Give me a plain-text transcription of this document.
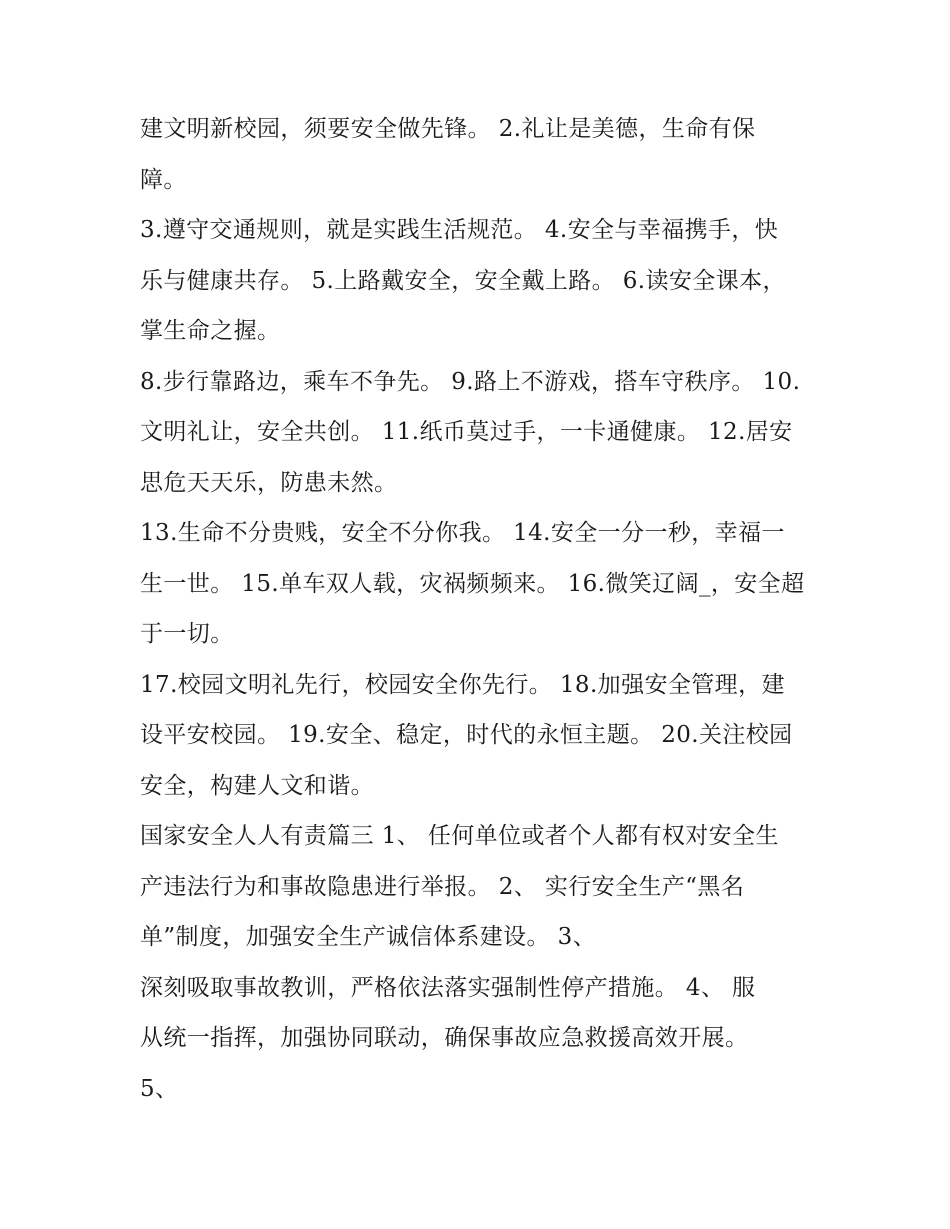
建文明新校园，须要安全做先锋。 2.礼让是美德，生命有保
障。
3.遵守交通规则，就是实践生活规范。 4.安全与幸福携手，快
乐与健康共存。 5.上路戴安全，安全戴上路。 6.读安全课本，
掌生命之握。
8.步行靠路边，乘车不争先。 9.路上不游戏，搭车守秩序。 10.
文明礼让，安全共创。 11.纸币莫过手，一卡通健康。 12.居安
思危天天乐，防患未然。
13.生命不分贵贱，安全不分你我。 14.安全一分一秒，幸福一
生一世。 15.单车双人载，灾祸频频来。 16.微笑辽阔_，安全超
于一切。
17.校园文明礼先行，校园安全你先行。 18.加强安全管理，建
设平安校园。 19.安全、稳定，时代的永恒主题。 20.关注校园
安全，构建人文和谐。
国家安全人人有责篇三 1、 任何单位或者个人都有权对安全生
产违法行为和事故隐患进行举报。 2、 实行安全生产“黑名
单”制度，加强安全生产诚信体系建设。 3、
深刻吸取事故教训，严格依法落实强制性停产措施。 4、 服
从统一指挥，加强协同联动，确保事故应急救援高效开展。
5、
